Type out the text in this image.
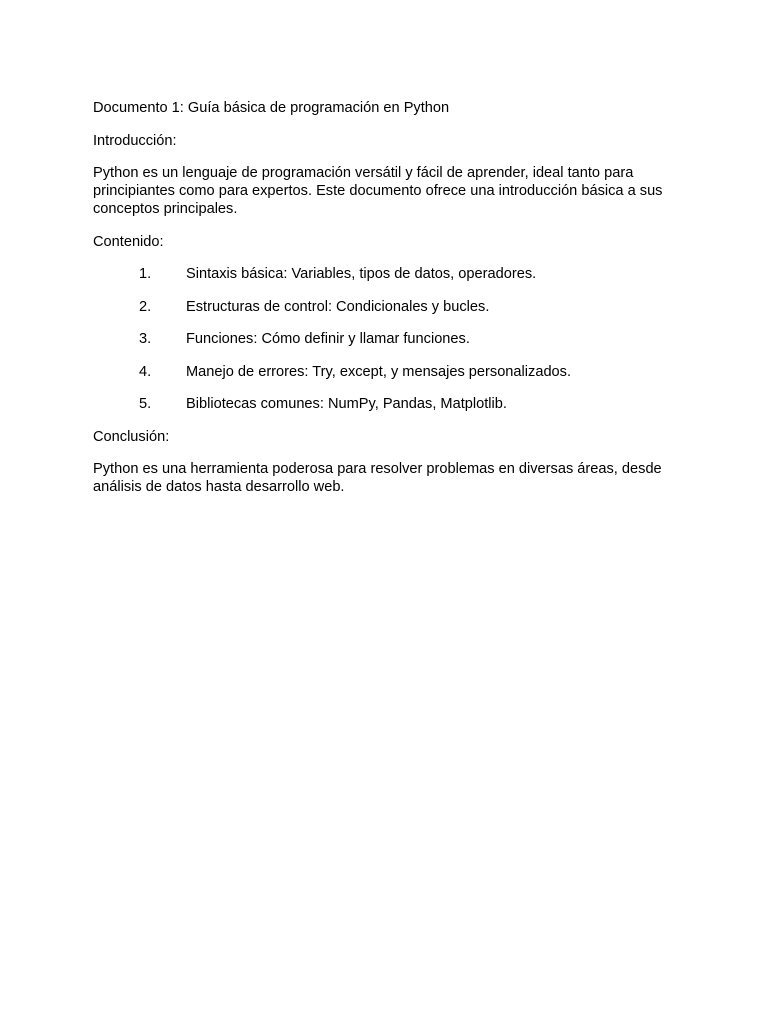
Documento 1: Guía básica de programación en Python

Introducción:

Python es un lenguaje de programación versátil y fácil de aprender, ideal tanto para principiantes como para expertos. Este documento ofrece una introducción básica a sus conceptos principales.

Contenido:

1.	Sintaxis básica: Variables, tipos de datos, operadores.
2.	Estructuras de control: Condicionales y bucles.
3.	Funciones: Cómo definir y llamar funciones.
4.	Manejo de errores: Try, except, y mensajes personalizados.
5.	Bibliotecas comunes: NumPy, Pandas, Matplotlib.

Conclusión:

Python es una herramienta poderosa para resolver problemas en diversas áreas, desde análisis de datos hasta desarrollo web.
